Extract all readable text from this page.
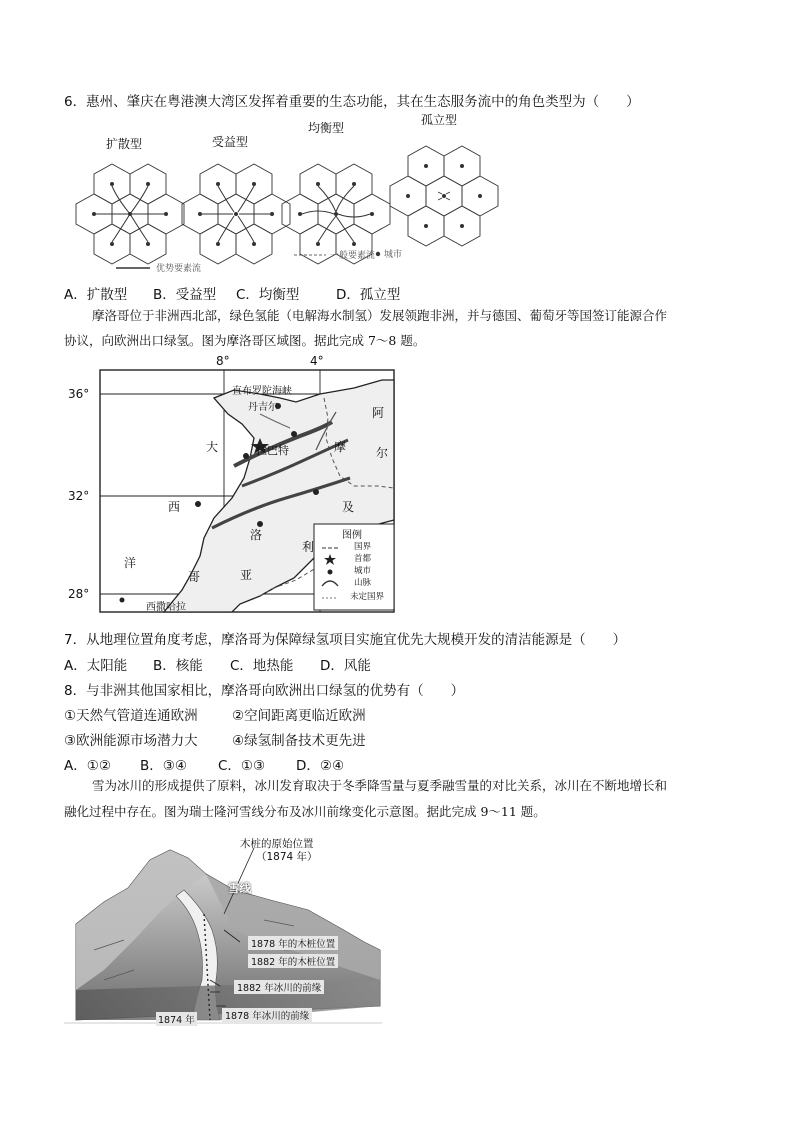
6．惠州、肇庆在粤港澳大湾区发挥着重要的生态功能，其在生态服务流中的角色类型为（　　）
扩散型	受益型
均衡型
孤立型
优势要素流
一般要素流 城市
A．扩散型 B．受益型 C．均衡型	D．孤立型
摩洛哥位于非洲西北部，绿色氢能（电解海水制氢）发展领跑非洲，并与德国、葡萄牙等国签订能源合作
协议，向欧洲出口绿氢。图为摩洛哥区域图。据此完成 7～8 题。
8°	4°
36°
32°
28°
直布罗陀海峡
丹吉尔
拉巴特
大
西
洋
阿
摩 尔
及
洛
利
哥	亚
西撒哈拉
图例
国界
首都
城市
山脉
未定国界
7．从地理位置角度考虑，摩洛哥为保障绿氢项目实施宜优先大规模开发的清洁能源是（　　）
A．太阳能 B．核能 C．地热能 D．风能
8．与非洲其他国家相比，摩洛哥向欧洲出口绿氢的优势有（　　）
①天然气管道连通欧洲	②空间距离更临近欧洲
③欧洲能源市场潜力大	④绿氢制备技术更先进
A．①② B．③④ C．①③ D．②④
雪为冰川的形成提供了原料，冰川发育取决于冬季降雪量与夏季融雪量的对比关系，冰川在不断地增长和
融化过程中存在。图为瑞士隆河雪线分布及冰川前缘变化示意图。据此完成 9～11 题。
木桩的原始位置
（1874 年）
雪线
1878 年的木桩位置
1882 年的木桩位置
1882 年冰川的前缘
1878 年冰川的前缘
1874 年
